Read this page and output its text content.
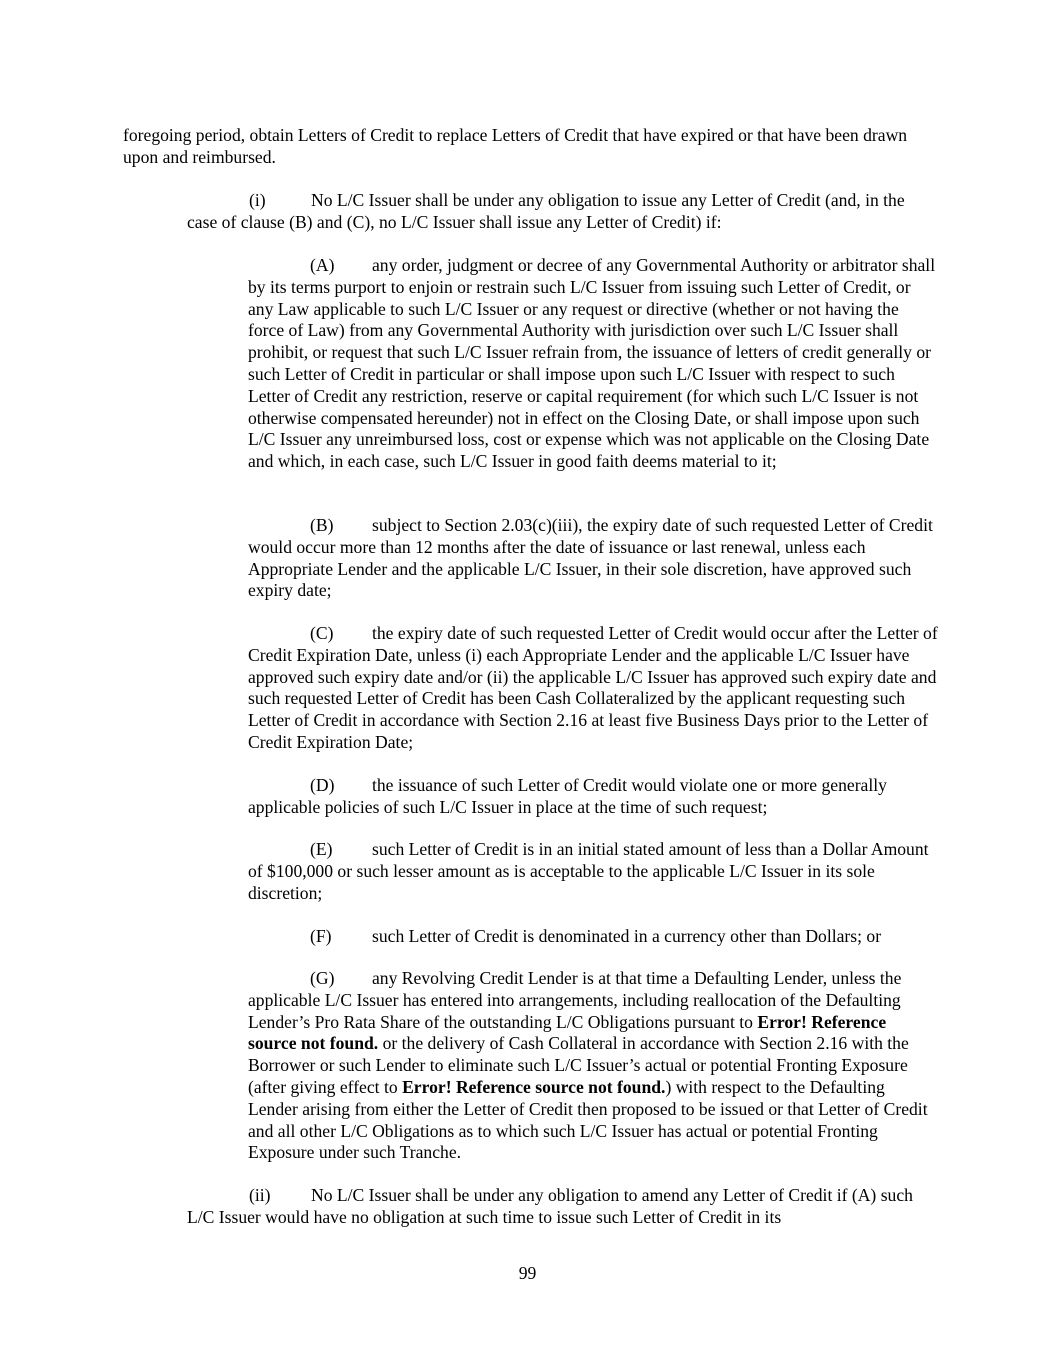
foregoing period, obtain Letters of Credit to replace Letters of Credit that have expired or that have been drawn upon and reimbursed.

(i)	No L/C Issuer shall be under any obligation to issue any Letter of Credit (and, in the case of clause (B) and (C), no L/C Issuer shall issue any Letter of Credit) if:

(A) any order, judgment or decree of any Governmental Authority or arbitrator shall by its terms purport to enjoin or restrain such L/C Issuer from issuing such Letter of Credit, or any Law applicable to such L/C Issuer or any request or directive (whether or not having the force of Law) from any Governmental Authority with jurisdiction over such L/C Issuer shall prohibit, or request that such L/C Issuer refrain from, the issuance of letters of credit generally or such Letter of Credit in particular or shall impose upon such L/C Issuer with respect to such Letter of Credit any restriction, reserve or capital requirement (for which such L/C Issuer is not otherwise compensated hereunder) not in effect on the Closing Date, or shall impose upon such L/C Issuer any unreimbursed loss, cost or expense which was not applicable on the Closing Date and which, in each case, such L/C Issuer in good faith deems material to it;

(B) subject to Section 2.03(c)(iii), the expiry date of such requested Letter of Credit would occur more than 12 months after the date of issuance or last renewal, unless each Appropriate Lender and the applicable L/C Issuer, in their sole discretion, have approved such expiry date;

(C) the expiry date of such requested Letter of Credit would occur after the Letter of Credit Expiration Date, unless (i) each Appropriate Lender and the applicable L/C Issuer have approved such expiry date and/or (ii) the applicable L/C Issuer has approved such expiry date and such requested Letter of Credit has been Cash Collateralized by the applicant requesting such Letter of Credit in accordance with Section 2.16 at least five Business Days prior to the Letter of Credit Expiration Date;

(D) the issuance of such Letter of Credit would violate one or more generally applicable policies of such L/C Issuer in place at the time of such request;

(E) such Letter of Credit is in an initial stated amount of less than a Dollar Amount of $100,000 or such lesser amount as is acceptable to the applicable L/C Issuer in its sole discretion;

(F) such Letter of Credit is denominated in a currency other than Dollars; or

(G) any Revolving Credit Lender is at that time a Defaulting Lender, unless the applicable L/C Issuer has entered into arrangements, including reallocation of the Defaulting Lender’s Pro Rata Share of the outstanding L/C Obligations pursuant to Error! Reference source not found. or the delivery of Cash Collateral in accordance with Section 2.16 with the Borrower or such Lender to eliminate such L/C Issuer’s actual or potential Fronting Exposure (after giving effect to Error! Reference source not found.) with respect to the Defaulting Lender arising from either the Letter of Credit then proposed to be issued or that Letter of Credit and all other L/C Obligations as to which such L/C Issuer has actual or potential Fronting Exposure under such Tranche.

(ii) No L/C Issuer shall be under any obligation to amend any Letter of Credit if (A) such L/C Issuer would have no obligation at such time to issue such Letter of Credit in its

99
